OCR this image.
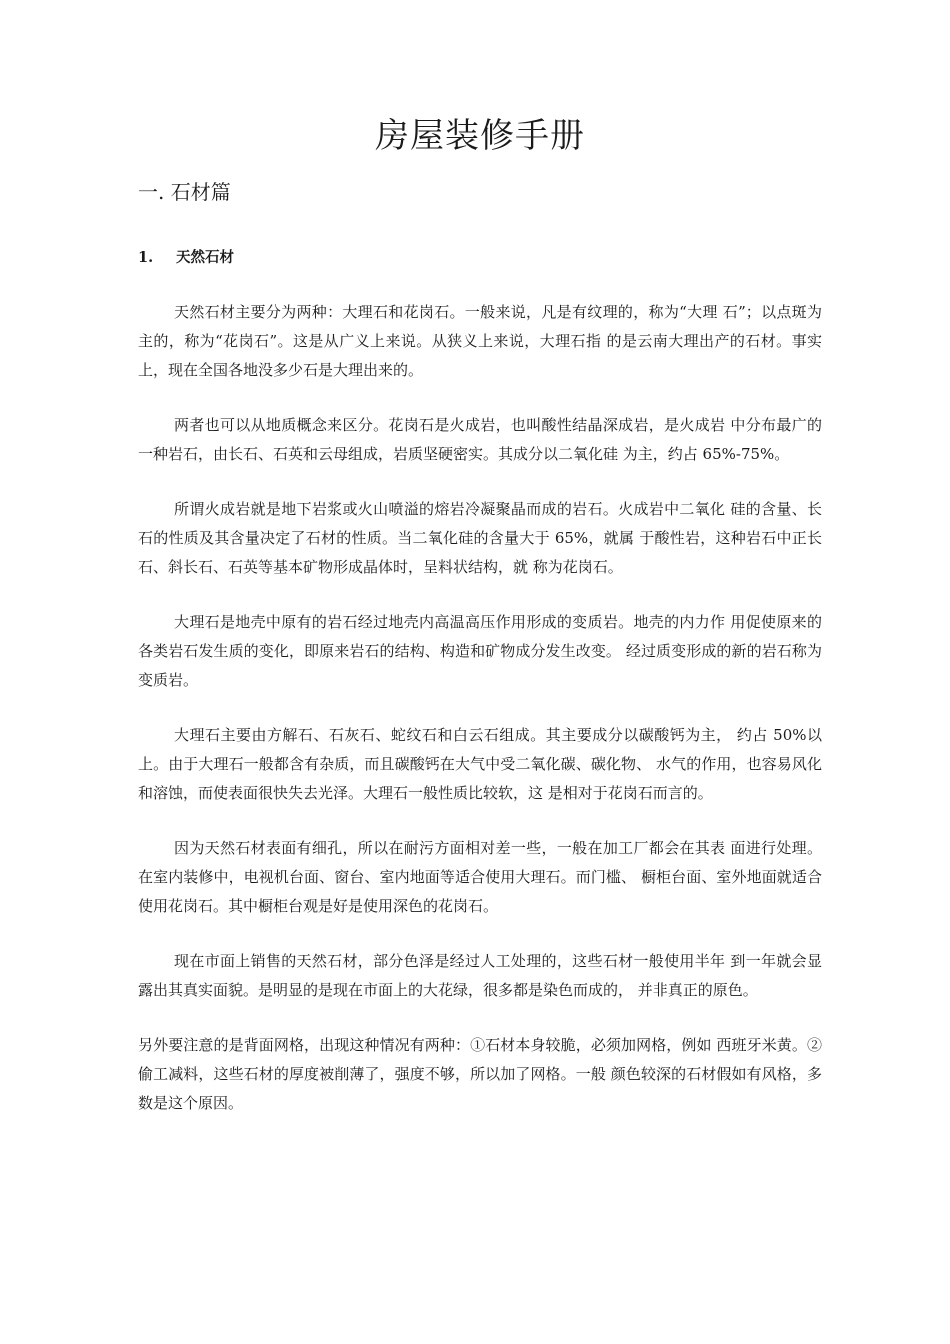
房屋装修手册
一. 石材篇
1. 天然石材

天然石材主要分为两种：大理石和花岗石。一般来说，凡是有纹理的，称为“大理 石”；以点斑为主的，称为“花岗石”。这是从广义上来说。从狭义上来说，大理石指 的是云南大理出产的石材。事实上，现在全国各地没多少石是大理出来的。

两者也可以从地质概念来区分。花岗石是火成岩，也叫酸性结晶深成岩，是火成岩 中分布最广的一种岩石，由长石、石英和云母组成，岩质坚硬密实。其成分以二氧化硅 为主，约占 65%-75%。

所谓火成岩就是地下岩浆或火山喷溢的熔岩冷凝聚晶而成的岩石。火成岩中二氧化 硅的含量、长石的性质及其含量决定了石材的性质。当二氧化硅的含量大于 65%，就属 于酸性岩，这种岩石中正长石、斜长石、石英等基本矿物形成晶体时，呈料状结构，就 称为花岗石。

大理石是地壳中原有的岩石经过地壳内高温高压作用形成的变质岩。地壳的内力作 用促使原来的各类岩石发生质的变化，即原来岩石的结构、构造和矿物成分发生改变。 经过质变形成的新的岩石称为变质岩。

大理石主要由方解石、石灰石、蛇纹石和白云石组成。其主要成分以碳酸钙为主， 约占 50%以上。由于大理石一般都含有杂质，而且碳酸钙在大气中受二氧化碳、碳化物、 水气的作用，也容易风化和溶蚀，而使表面很快失去光泽。大理石一般性质比较软，这 是相对于花岗石而言的。

因为天然石材表面有细孔，所以在耐污方面相对差一些，一般在加工厂都会在其表 面进行处理。在室内装修中，电视机台面、窗台、室内地面等适合使用大理石。而门槛、 橱柜台面、室外地面就适合使用花岗石。其中橱柜台观是好是使用深色的花岗石。

现在市面上销售的天然石材，部分色泽是经过人工处理的，这些石材一般使用半年 到一年就会显露出其真实面貌。是明显的是现在市面上的大花绿，很多都是染色而成的， 并非真正的原色。

另外要注意的是背面网格，出现这种情况有两种：①石材本身较脆，必须加网格，例如 西班牙米黄。②偷工减料，这些石材的厚度被削薄了，强度不够，所以加了网格。一般 颜色较深的石材假如有风格，多数是这个原因。
